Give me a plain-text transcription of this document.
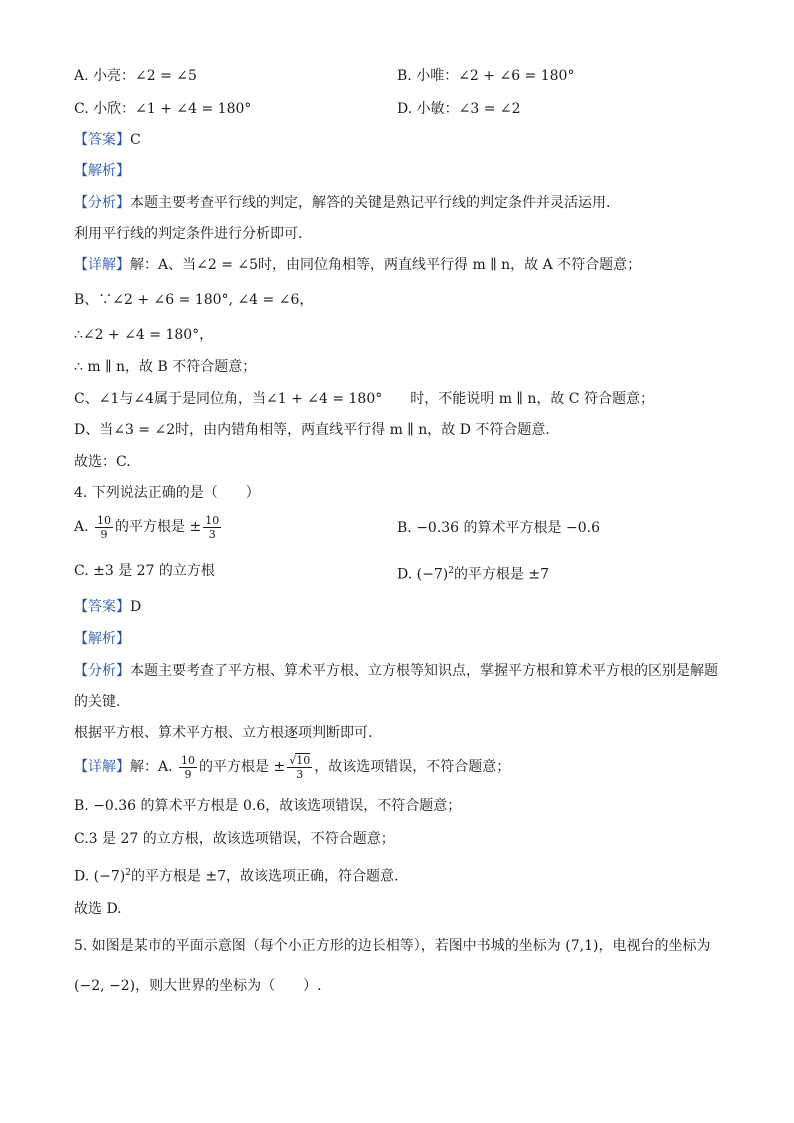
A. 小亮：∠2 = ∠5	B. 小唯：∠2 + ∠6 = 180°
C. 小欣：∠1 + ∠4 = 180°	D. 小敏：∠3 = ∠2
【答案】C
【解析】
【分析】本题主要考查平行线的判定，解答的关键是熟记平行线的判定条件并灵活运用.
利用平行线的判定条件进行分析即可.
【详解】解：A、当∠2 = ∠5时，由同位角相等，两直线平行得 m ∥ n，故 A 不符合题意；
B、∵∠2 + ∠6 = 180°, ∠4 = ∠6，
∴∠2 + ∠4 = 180°，
∴ m ∥ n，故 B 不符合题意；
C、∠1与∠4属于是同位角，当∠1 + ∠4 = 180° 时，不能说明 m ∥ n，故 C 符合题意；
D、当∠3 = ∠2时，由内错角相等，两直线平行得 m ∥ n，故 D 不符合题意.
故选：C.
4. 下列说法正确的是（　　）
A. $\frac{10}{9}$ 的平方根是 ± $\frac{10}{3}$	B. −0.36 的算术平方根是 −0.6
C. ±3 是 27 的立方根	D. $(-7)^2$的平方根是 ±7
【答案】D
【解析】
【分析】本题主要考查了平方根、算术平方根、立方根等知识点，掌握平方根和算术平方根的区别是解题
的关键.
根据平方根、算术平方根、立方根逐项判断即可.
【详解】解：A. $\frac{10}{9}$ 的平方根是 ± $\frac{√10}{3}$ ，故该选项错误，不符合题意；
B. −0.36 的算术平方根是 0.6，故该选项错误，不符合题意；
C.3 是 27 的立方根，故该选项错误，不符合题意；
D. $(-7)^2$的平方根是 ±7，故该选项正确，符合题意.
故选 D.
5. 如图是某市的平面示意图（每个小正方形的边长相等），若图中书城的坐标为 (7,1)，电视台的坐标为
(−2, −2)，则大世界的坐标为（　　）.
